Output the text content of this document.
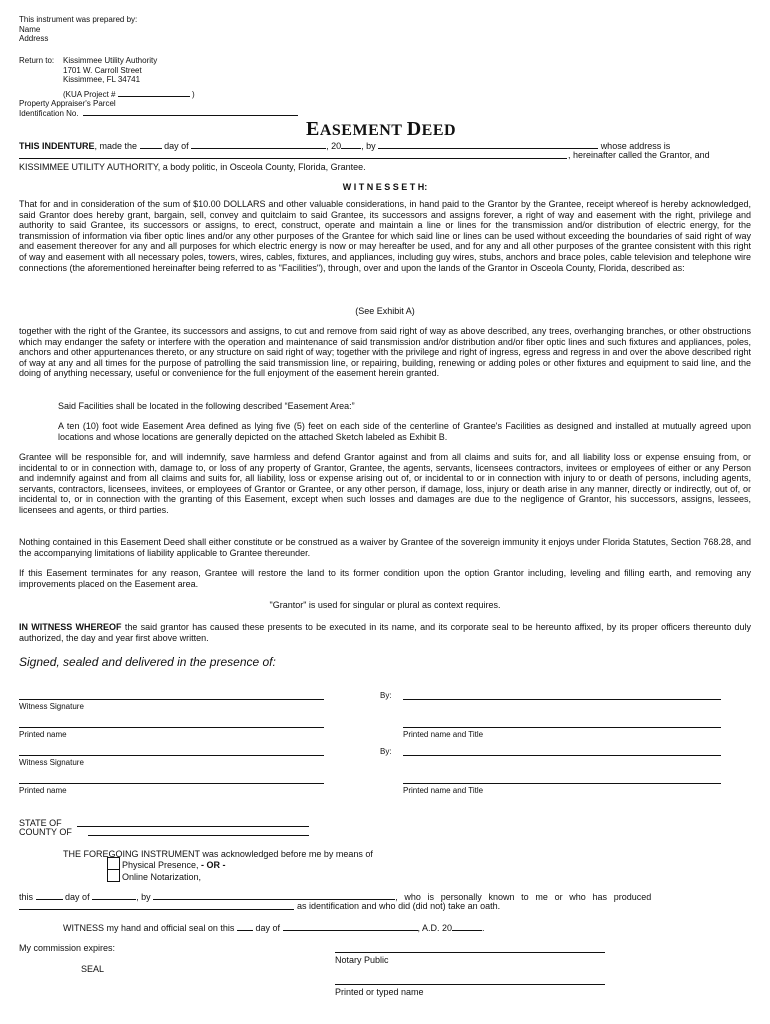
This instrument was prepared by:
Name
Address
Return to: Kissimmee Utility Authority
1701 W. Carroll Street
Kissimmee, FL 34741
(KUA Project #	)
Property Appraiser's Parcel
Identification No.
EASEMENT DEED
THIS INDENTURE, made the	day of	, 20 , by	whose address is
, hereinafter called the Grantor, and
KISSIMMEE UTILITY AUTHORITY, a body politic, in Osceola County, Florida, Grantee.
W I T N E S S E T H:
That for and in consideration of the sum of $10.00 DOLLARS and other valuable considerations, in hand paid to the Grantor by the Grantee, receipt whereof is hereby acknowledged, said Grantor does hereby grant, bargain, sell, convey and quitclaim to said Grantee, its successors and assigns forever, a right of way and easement with the right, privilege and authority to said Grantee, its successors or assigns, to erect, construct, operate and maintain a line or lines for the transmission and/or distribution of electric energy, for the transmission of information via fiber optic lines and/or any other purposes of the Grantee for which said line or lines can be used without exceeding the boundaries of said right of way and easement thereover for any and all purposes for which electric energy is now or may hereafter be used, and for any and all other purposes of the grantee consistent with this right of way and easement with all necessary poles, towers, wires, cables, fixtures, and appliances, including guy wires, stubs, anchors and brace poles, cable television and telephone wire connections (the aforementioned hereinafter being referred to as "Facilities"), through, over and upon the lands of the Grantor in Osceola County, Florida, described as:
(See Exhibit A)
together with the right of the Grantee, its successors and assigns, to cut and remove from said right of way as above described, any trees, overhanging branches, or other obstructions which may endanger the safety or interfere with the operation and maintenance of said transmission and/or distribution and/or fiber optic lines and such fixtures and appliances, poles, anchors and other appurtenances thereto, or any structure on said right of way; together with the privilege and right of ingress, egress and regress in and over the above described right of way at any and all times for the purpose of patrolling the said transmission line, or repairing, building, renewing or adding poles or other fixtures and equipment to said line, and the doing of anything necessary, useful or convenience for the full enjoyment of the easement herein granted.
Said Facilities shall be located in the following described “Easement Area:”
A ten (10) foot wide Easement Area defined as lying five (5) feet on each side of the centerline of Grantee's Facilities as designed and installed at mutually agreed upon locations and whose locations are generally depicted on the attached Sketch labeled as Exhibit B.
Grantee will be responsible for, and will indemnify, save harmless and defend Grantor against and from all claims and suits for, and all liability loss or expense ensuing from, or incidental to or in connection with, damage to, or loss of any property of Grantor, Grantee, the agents, servants, licensees contractors, invitees or employees of either or any Person and indemnify against and from all claims and suits for, all liability, loss or expense arising out of, or incidental to or in connection with injury to or death of persons, including agents, servants, contractors, licensees, invitees, or employees of Grantor or Grantee, or any other person, if damage, loss, injury or death arise in any manner, directly or indirectly, out of, or incidental to, or in connection with the granting of this Easement, except when such losses and damages are due to the negligence of Grantor, his successors, assigns, lessees, licensees and agents, or third parties.
Nothing contained in this Easement Deed shall either constitute or be construed as a waiver by Grantee of the sovereign immunity it enjoys under Florida Statutes, Section 768.28, and the accompanying limitations of liability applicable to Grantee thereunder.
If this Easement terminates for any reason, Grantee will restore the land to its former condition upon the option Grantor including, leveling and filling earth, and removing any improvements placed on the Easement area.
"Grantor" is used for singular or plural as context requires.
IN WITNESS WHEREOF the said grantor has caused these presents to be executed in its name, and its corporate seal to be hereunto affixed, by its proper officers thereunto duly authorized, the day and year first above written.
Signed, sealed and delivered in the presence of:
Witness Signature
By:
Printed name	Printed name and Title
Witness Signature
By:
Printed name	Printed name and Title
STATE OF
COUNTY OF
THE FOREGOING INSTRUMENT was acknowledged before me by means of
Physical Presence, - OR -
Online Notarization,
this	day of	, by	, who is personally known to me or who has produced
as identification and who did (did not) take an oath.
WITNESS my hand and official seal on this day of	, A.D. 20	.
My commission expires:
Notary Public
SEAL
Printed or typed name
